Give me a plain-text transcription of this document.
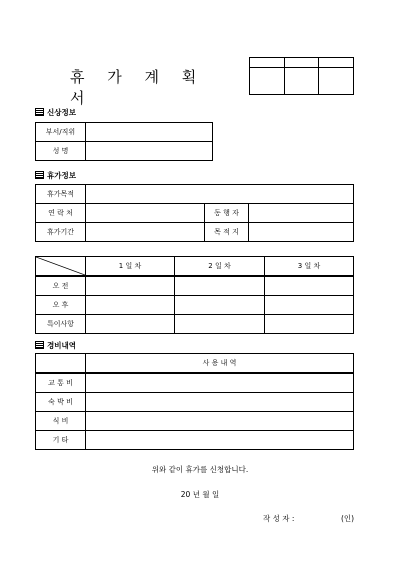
휴 가 계 획 서

신상정보
부서/직위	
성 명	
휴가정보
휴가목적			
연 락 처		동 행 자	
휴가기간		목 적 지	
	1 일 차	2 일 차	3 일 차
오 전			
오 후			
특이사항			
경비내역
	사 용 내 역
교 통 비	
숙 박 비	
식 비	
기 타	
위와 같이 휴가를 신청합니다.
20 년 월 일
작 성 자 :	(인)
